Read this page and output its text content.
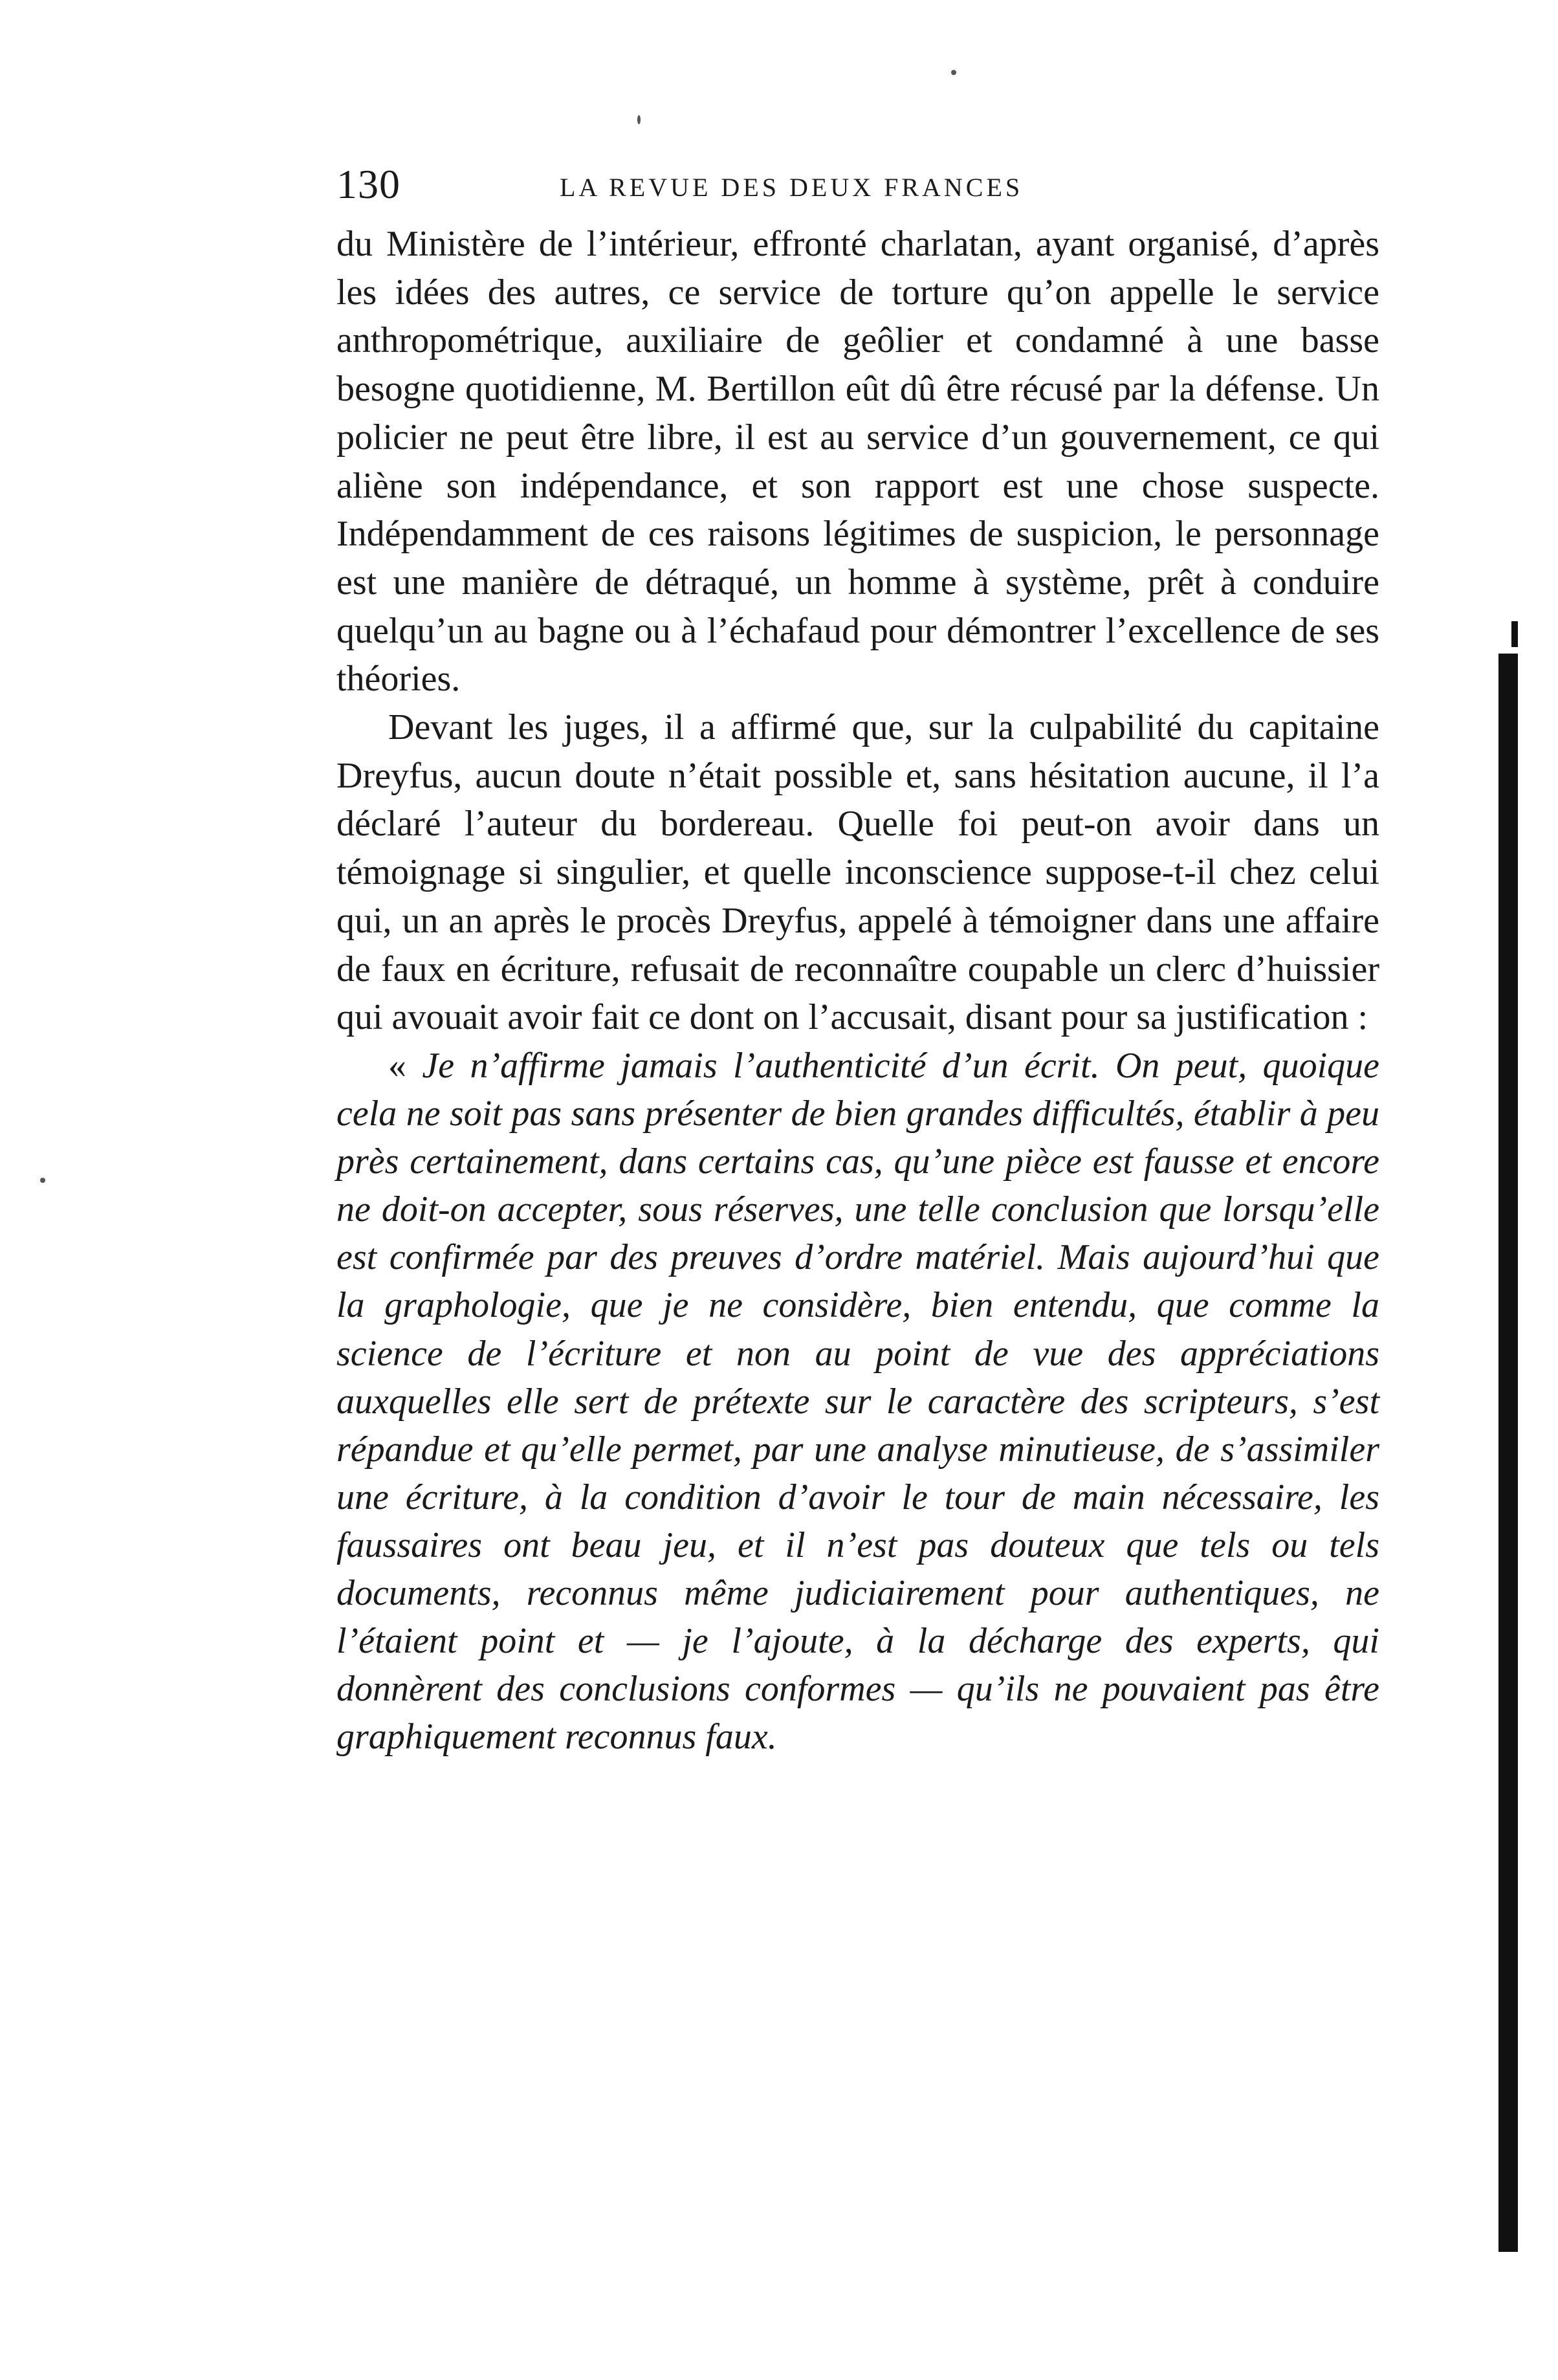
130	LA REVUE DES DEUX FRANCES

du Ministère de l’intérieur, effronté charlatan, ayant organisé, d’après les idées des autres, ce service de torture qu’on appelle le service anthropométrique, auxiliaire de geôlier et condamné à une basse besogne quotidienne, M. Bertillon eût dû être récusé par la défense. Un policier ne peut être libre, il est au service d’un gouvernement, ce qui aliène son indépendance, et son rapport est une chose suspecte. Indépendamment de ces raisons légitimes de suspicion, le personnage est une manière de détraqué, un homme à système, prêt à conduire quelqu’un au bagne ou à l’échafaud pour démontrer l’excellence de ses théories.

Devant les juges, il a affirmé que, sur la culpabilité du capitaine Dreyfus, aucun doute n’était possible et, sans hésitation aucune, il l’a déclaré l’auteur du bordereau. Quelle foi peut-on avoir dans un témoignage si singulier, et quelle inconscience suppose-t-il chez celui qui, un an après le procès Dreyfus, appelé à témoigner dans une affaire de faux en écriture, refusait de reconnaître coupable un clerc d’huissier qui avouait avoir fait ce dont on l’accusait, disant pour sa justification :

« Je n’affirme jamais l’authenticité d’un écrit. On peut, quoique cela ne soit pas sans présenter de bien grandes difficultés, établir à peu près certainement, dans certains cas, qu’une pièce est fausse et encore ne doit-on accepter, sous réserves, une telle conclusion que lorsqu’elle est confirmée par des preuves d’ordre matériel. Mais aujourd’hui que la graphologie, que je ne considère, bien entendu, que comme la science de l’écriture et non au point de vue des appréciations auxquelles elle sert de prétexte sur le caractère des scripteurs, s’est répandue et qu’elle permet, par une analyse minutieuse, de s’assimiler une écriture, à la condition d’avoir le tour de main nécessaire, les faussaires ont beau jeu, et il n’est pas douteux que tels ou tels documents, reconnus même judiciairement pour authentiques, ne l’étaient point et — je l’ajoute, à la décharge des experts, qui donnèrent des conclusions conformes — qu’ils ne pouvaient pas être graphiquement reconnus faux.
